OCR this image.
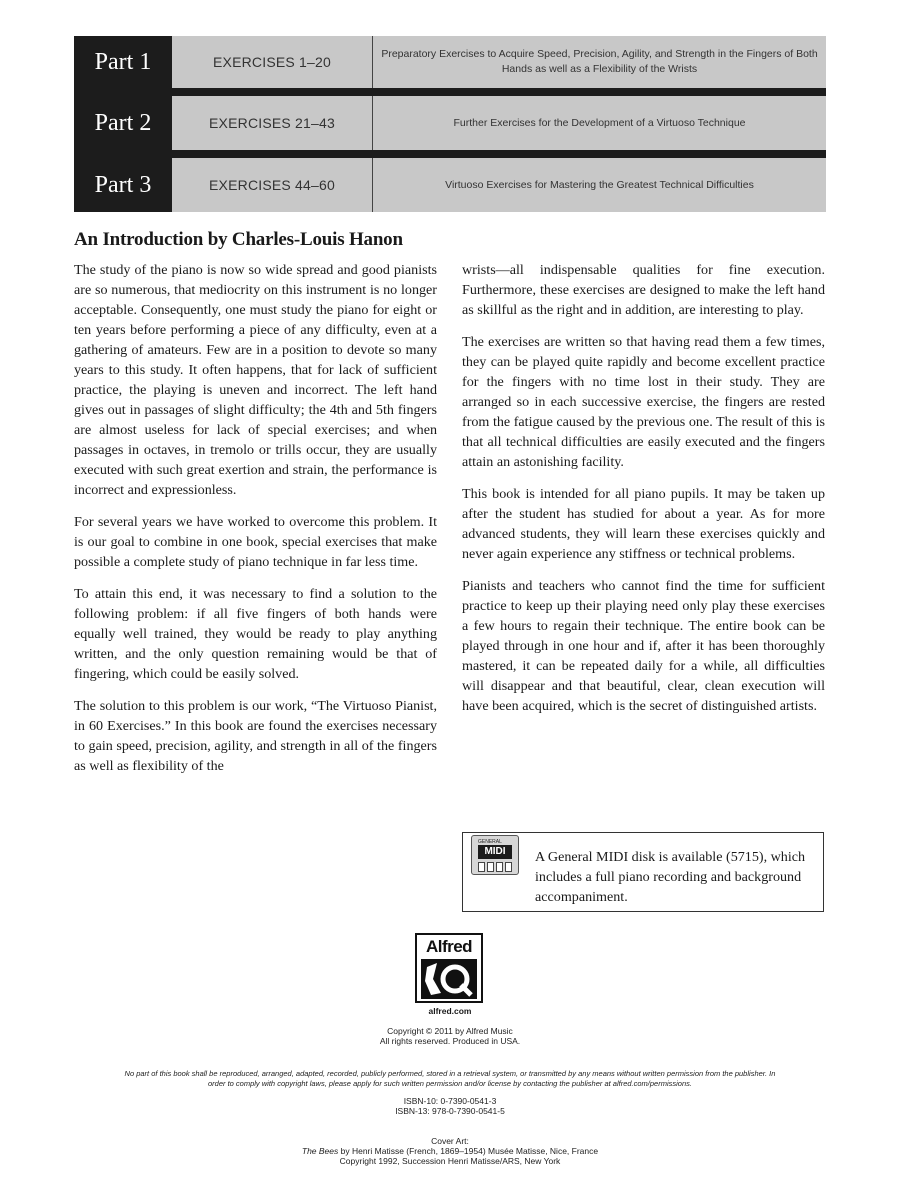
Part 1	EXERCISES 1–20	Preparatory Exercises to Acquire Speed, Precision, Agility, and Strength in the Fingers of Both Hands as well as a Flexibility of the Wrists
Part 2	EXERCISES 21–43	Further Exercises for the Development of a Virtuoso Technique
Part 3	EXERCISES 44–60	Virtuoso Exercises for Mastering the Greatest Technical Difficulties
An Introduction by Charles-Louis Hanon

The study of the piano is now so wide spread and good pianists are so numerous, that mediocrity on this instrument is no longer acceptable. Consequently, one must study the piano for eight or ten years before performing a piece of any difficulty, even at a gathering of amateurs. Few are in a position to devote so many years to this study. It often happens, that for lack of sufficient practice, the playing is uneven and incorrect. The left hand gives out in passages of slight difficulty; the 4th and 5th fingers are almost useless for lack of special exercises; and when passages in octaves, in tremolo or trills occur, they are usually executed with such great exertion and strain, the performance is incorrect and expressionless.

For several years we have worked to overcome this problem. It is our goal to combine in one book, special exercises that make possible a complete study of piano technique in far less time.

To attain this end, it was necessary to find a solution to the following problem: if all five fingers of both hands were equally well trained, they would be ready to play anything written, and the only question remaining would be that of fingering, which could be easily solved.

The solution to this problem is our work, “The Virtuoso Pianist, in 60 Exercises.” In this book are found the exercises necessary to gain speed, precision, agility, and strength in all of the fingers as well as flexibility of the

wrists—all indispensable qualities for fine execution. Furthermore, these exercises are designed to make the left hand as skillful as the right and in addition, are interesting to play.

The exercises are written so that having read them a few times, they can be played quite rapidly and become excellent practice for the fingers with no time lost in their study. They are arranged so in each successive exercise, the fingers are rested from the fatigue caused by the previous one. The result of this is that all technical difficulties are easily executed and the fingers attain an astonishing facility.

This book is intended for all piano pupils. It may be taken up after the student has studied for about a year. As for more advanced students, they will learn these exercises quickly and never again experience any stiffness or technical problems.

Pianists and teachers who cannot find the time for sufficient practice to keep up their playing need only play these exercises a few hours to regain their technique. The entire book can be played through in one hour and if, after it has been thoroughly mastered, it can be repeated daily for a while, all difficulties will disappear and that beautiful, clear, clean execution will have been acquired, which is the secret of distinguished artists.

GENERAL
MIDI	A General MIDI disk is available (5715), which includes a full piano recording and background accompaniment.
Alfred
alfred.com

Copyright © 2011 by Alfred Music

All rights reserved. Produced in USA.

No part of this book shall be reproduced, arranged, adapted, recorded, publicly performed, stored in a retrieval system, or transmitted by any means without written permission from the publisher. In order to comply with copyright laws, please apply for such written permission and/or license by contacting the publisher at alfred.com/permissions.

ISBN-10: 0-7390-0541-3

ISBN-13: 978-0-7390-0541-5

Cover Art:

The Bees by Henri Matisse (French, 1869–1954) Musée Matisse, Nice, France

Copyright 1992, Succession Henri Matisse/ARS, New York
